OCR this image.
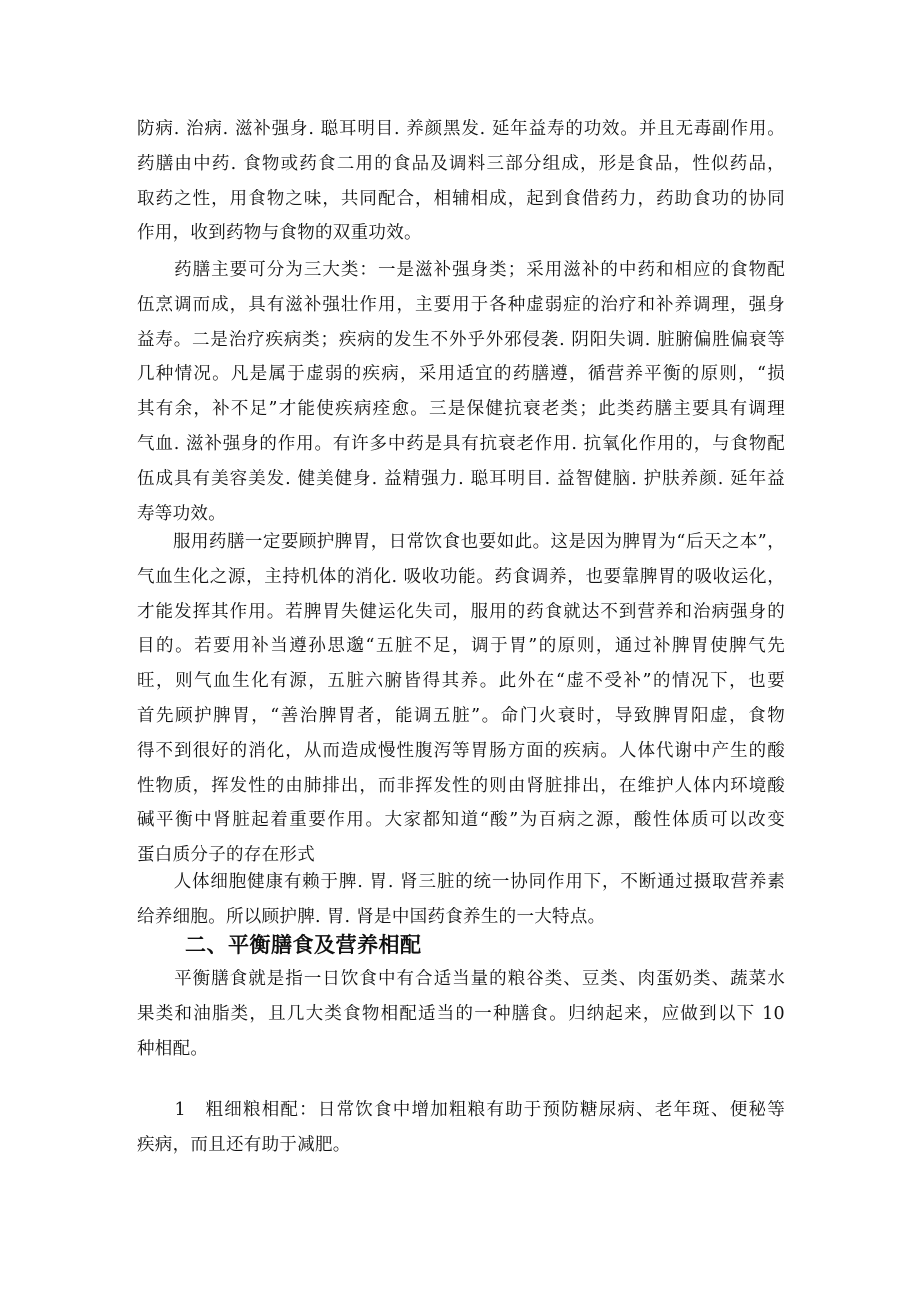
防病. 治病. 滋补强身. 聪耳明目. 养颜黑发. 延年益寿的功效。并且无毒副作用。
药膳由中药. 食物或药食二用的食品及调料三部分组成，形是食品，性似药品，
取药之性，用食物之味，共同配合，相辅相成，起到食借药力，药助食功的协同
作用，收到药物与食物的双重功效。

　　药膳主要可分为三大类：一是滋补强身类；采用滋补的中药和相应的食物配
伍烹调而成，具有滋补强壮作用，主要用于各种虚弱症的治疗和补养调理，强身
益寿。二是治疗疾病类；疾病的发生不外乎外邪侵袭. 阴阳失调. 脏腑偏胜偏衰等
几种情况。凡是属于虚弱的疾病，采用适宜的药膳遵，循营养平衡的原则，“损
其有余，补不足”才能使疾病痊愈。三是保健抗衰老类；此类药膳主要具有调理
气血. 滋补强身的作用。有许多中药是具有抗衰老作用. 抗氧化作用的，与食物配
伍成具有美容美发. 健美健身. 益精强力. 聪耳明目. 益智健脑. 护肤养颜. 延年益
寿等功效。

　　服用药膳一定要顾护脾胃，日常饮食也要如此。这是因为脾胃为“后天之本”，
气血生化之源，主持机体的消化. 吸收功能。药食调养，也要靠脾胃的吸收运化，
才能发挥其作用。若脾胃失健运化失司，服用的药食就达不到营养和治病强身的
目的。若要用补当遵孙思邈“五脏不足，调于胃”的原则，通过补脾胃使脾气先
旺，则气血生化有源，五脏六腑皆得其养。此外在“虚不受补”的情况下，也要
首先顾护脾胃，“善治脾胃者，能调五脏”。命门火衰时，导致脾胃阳虚，食物
得不到很好的消化，从而造成慢性腹泻等胃肠方面的疾病。人体代谢中产生的酸
性物质，挥发性的由肺排出，而非挥发性的则由肾脏排出，在维护人体内环境酸
碱平衡中肾脏起着重要作用。大家都知道“酸”为百病之源，酸性体质可以改变
蛋白质分子的存在形式

　　人体细胞健康有赖于脾. 胃. 肾三脏的统一协同作用下，不断通过摄取营养素
给养细胞。所以顾护脾. 胃. 肾是中国药食养生的一大特点。

二、平衡膳食及营养相配

　　平衡膳食就是指一日饮食中有合适当量的粮谷类、豆类、肉蛋奶类、蔬菜水
果类和油脂类，且几大类食物相配适当的一种膳食。归纳起来，应做到以下 10
种相配。

　　1　粗细粮相配：日常饮食中增加粗粮有助于预防糖尿病、老年斑、便秘等
疾病，而且还有助于减肥。
